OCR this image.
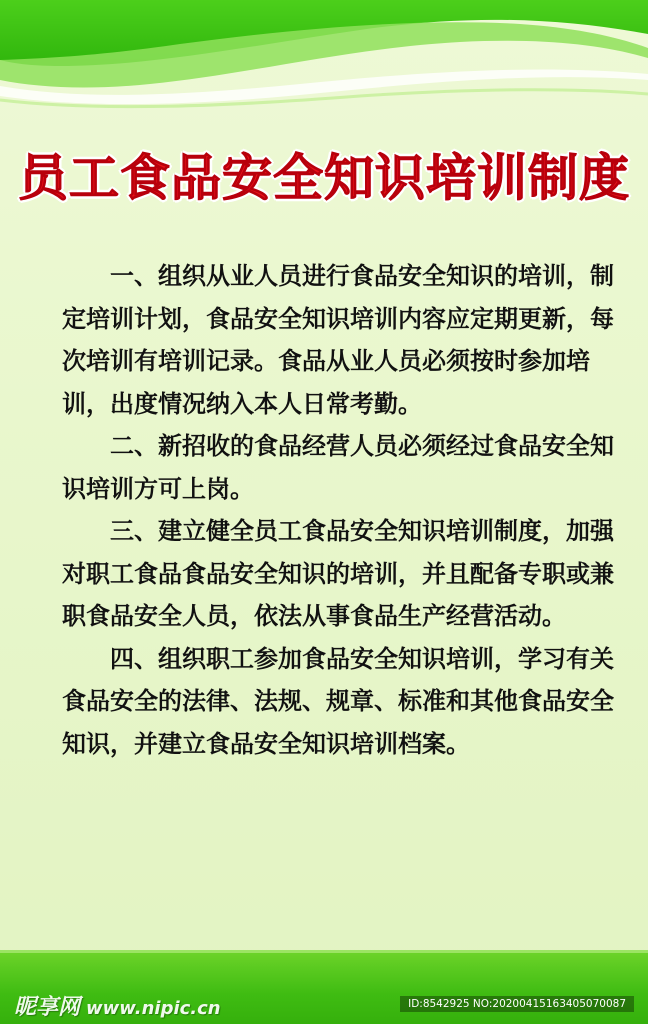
员工食品安全知识培训制度

一、组织从业人员进行食品安全知识的培训，制定培训计划，食品安全知识培训内容应定期更新，每次培训有培训记录。食品从业人员必须按时参加培训，出度情况纳入本人日常考勤。

二、新招收的食品经营人员必须经过食品安全知识培训方可上岗。

三、建立健全员工食品安全知识培训制度，加强对职工食品食品安全知识的培训，并且配备专职或兼职食品安全人员，依法从事食品生产经营活动。

四、组织职工参加食品安全知识培训，学习有关食品安全的法律、法规、规章、标准和其他食品安全知识，并建立食品安全知识培训档案。

昵享网 www.nipic.cn	ID:8542925 NO:20200415163405070087
